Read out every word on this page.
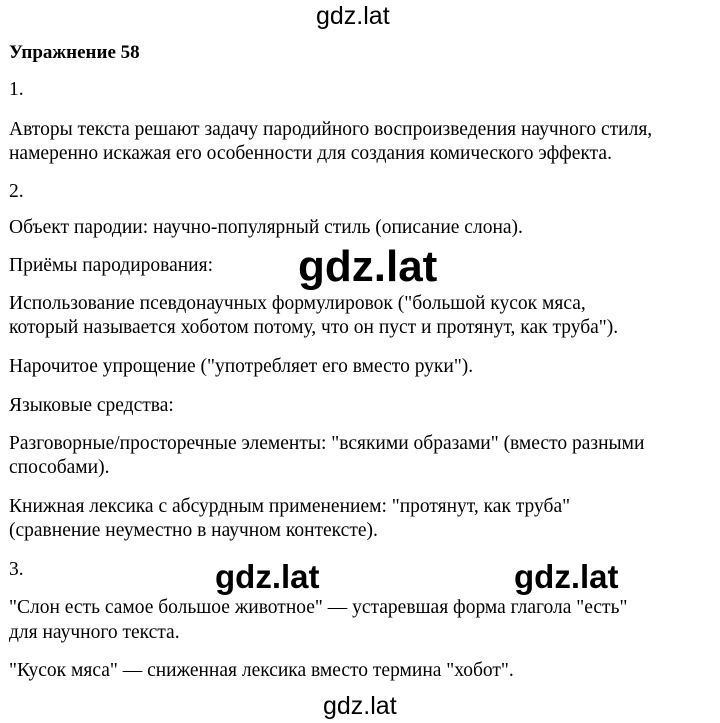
gdz.lat
Упражнение 58
1.
Авторы текста решают задачу пародийного воспроизведения научного стиля,
намеренно искажая его особенности для создания комического эффекта.
2.
Объект пародии: научно-популярный стиль (описание слона).
Приёмы пародирования:
Использование псевдонаучных формулировок ("большой кусок мяса,
который называется хоботом потому, что он пуст и протянут, как труба").
Нарочитое упрощение ("употребляет его вместо руки").
Языковые средства:
Разговорные/просторечные элементы: "всякими образами" (вместо разными
способами).
Книжная лексика с абсурдным применением: "протянут, как труба"
(сравнение неуместно в научном контексте).
3.
"Слон есть самое большое животное" — устаревшая форма глагола "есть"
для научного текста.
"Кусок мяса" — сниженная лексика вместо термина "хобот".
gdz.lat
gdz.lat	gdz.lat
gdz.lat
